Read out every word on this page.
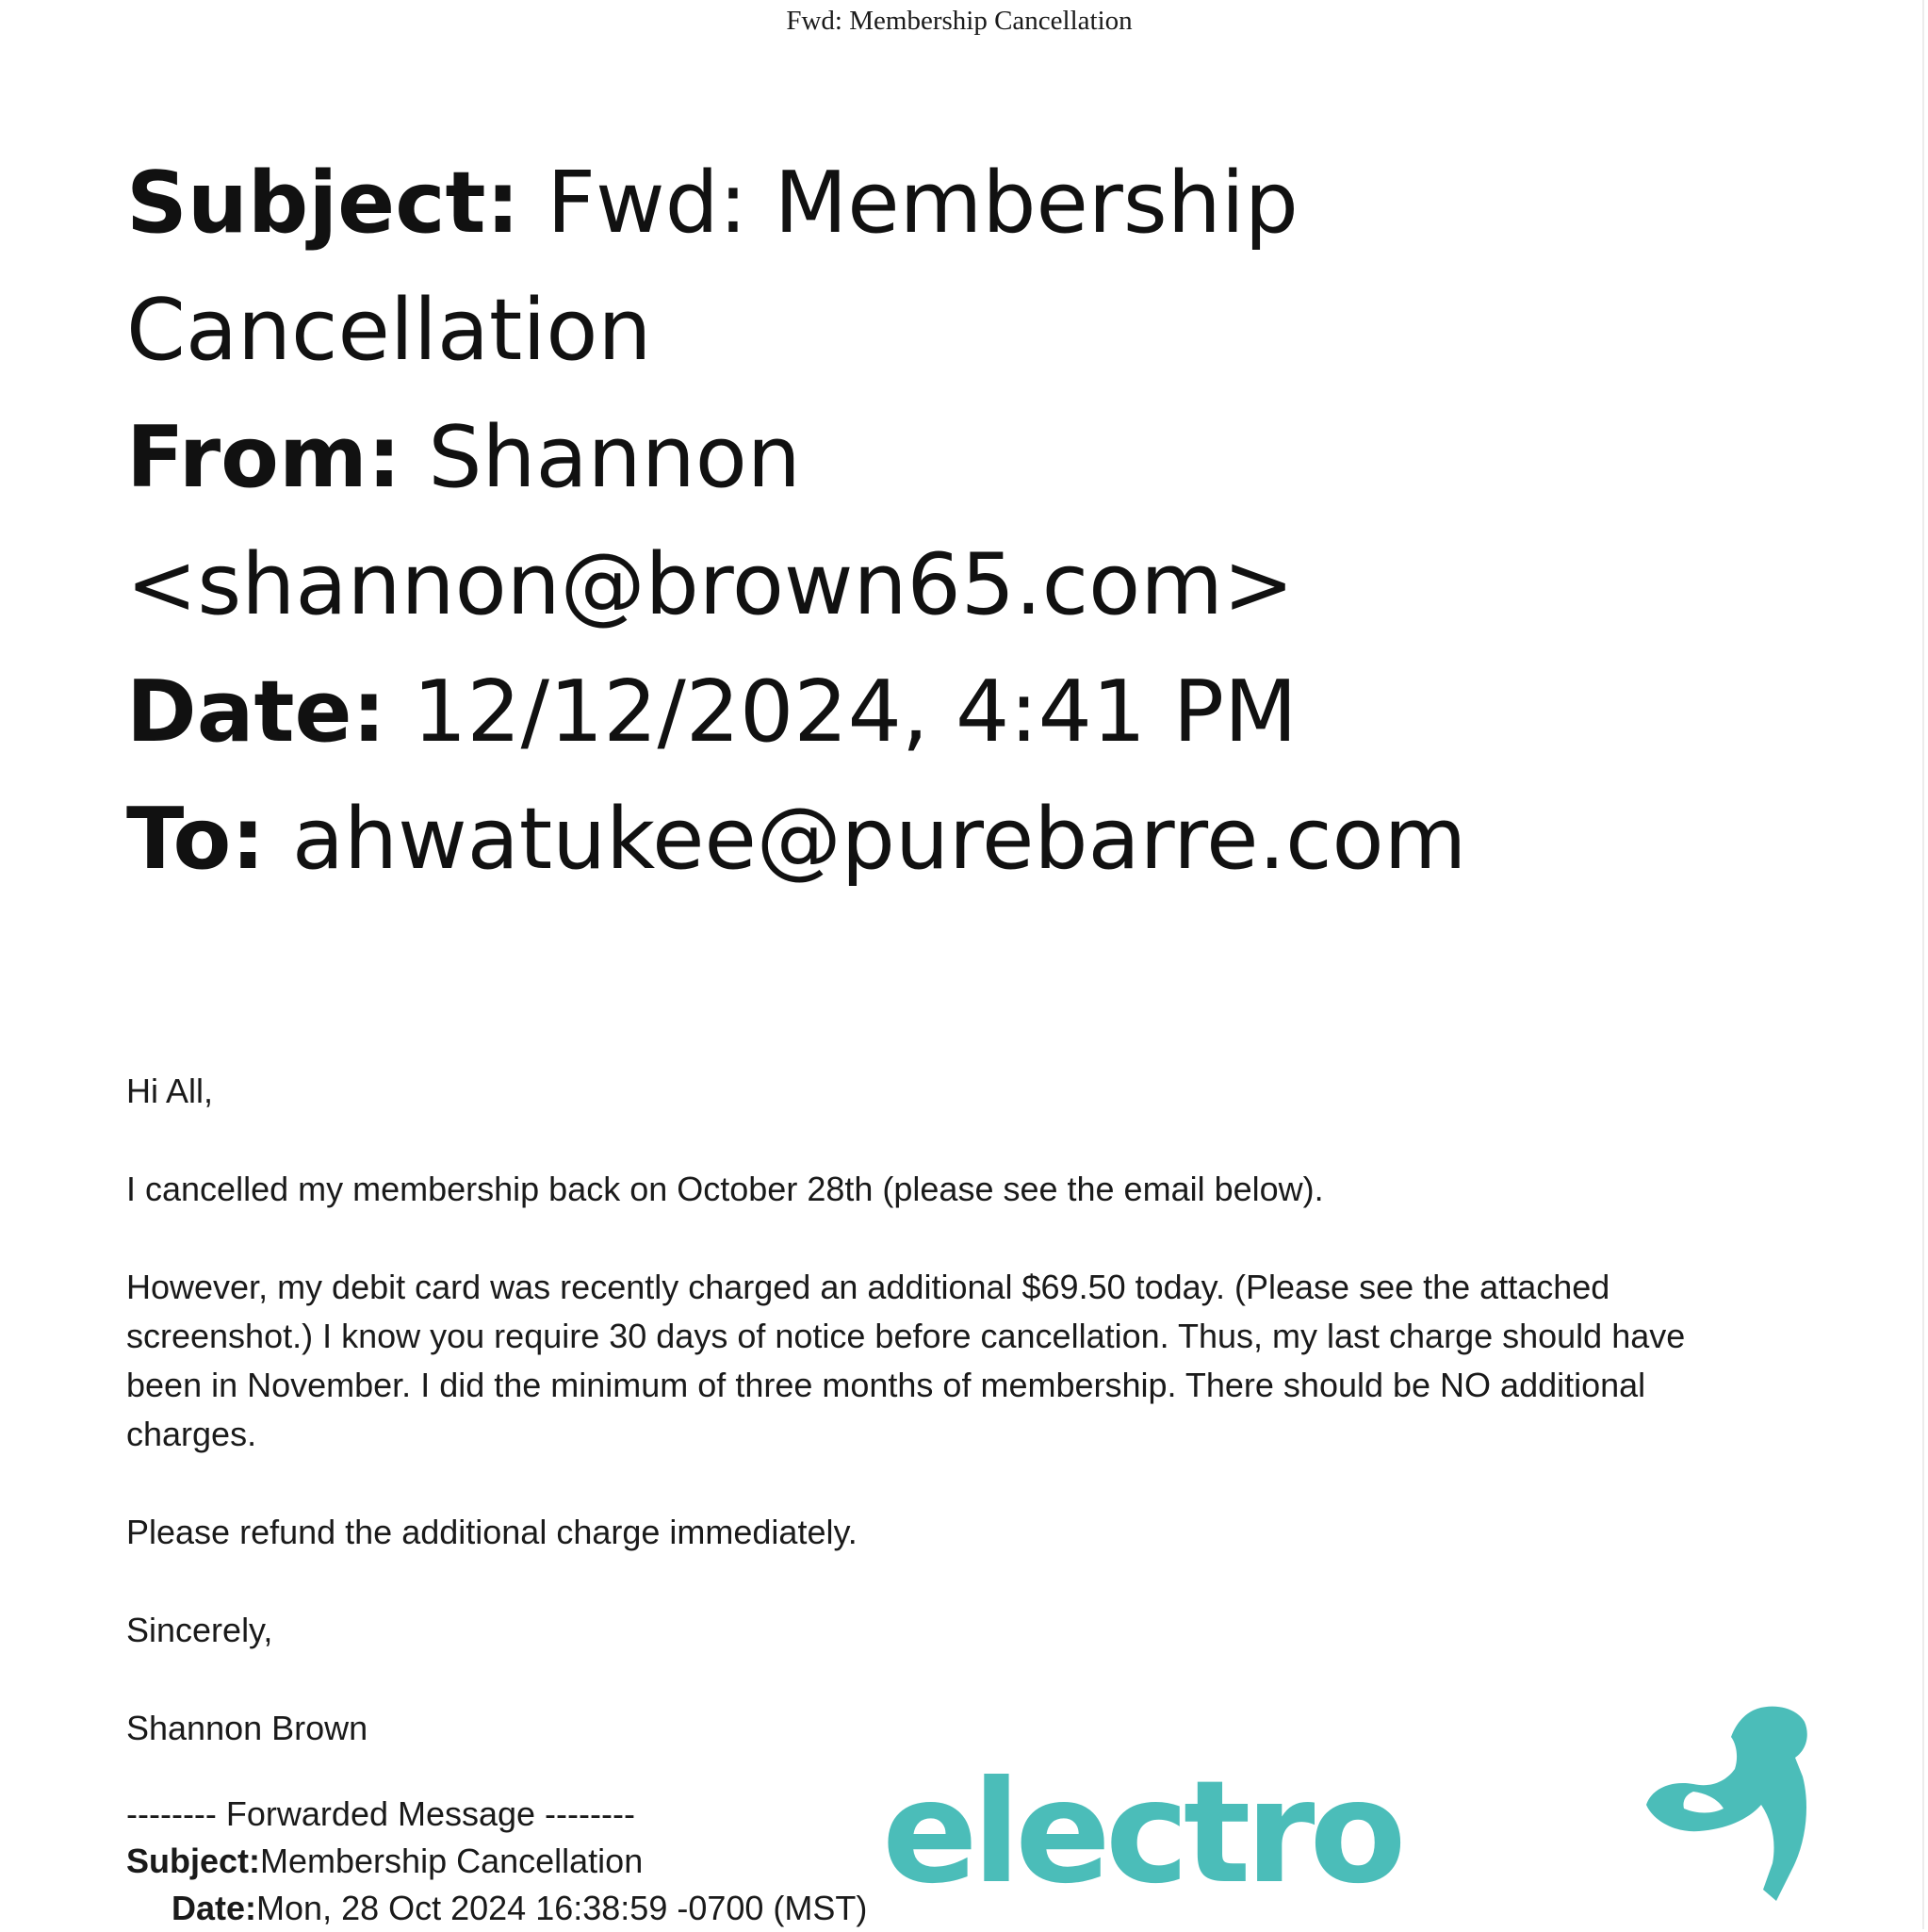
Fwd: Membership Cancellation
Subject: Fwd: Membership
Cancellation
From: Shannon
<shannon@brown65.com>
Date: 12/12/2024, 4:41 PM
To: ahwatukee@purebarre.com

Hi All,

I cancelled my membership back on October 28th (please see the email below).

However, my debit card was recently charged an additional $69.50 today. (Please see the attached screenshot.) I know you require 30 days of notice before cancellation. Thus, my last charge should have been in November. I did the minimum of three months of membership. There should be NO additional charges.

Please refund the additional charge immediately.

Sincerely,

Shannon Brown

-------- Forwarded Message --------
Subject:Membership Cancellation
Date:Mon, 28 Oct 2024 16:38:59 -0700 (MST) electro
